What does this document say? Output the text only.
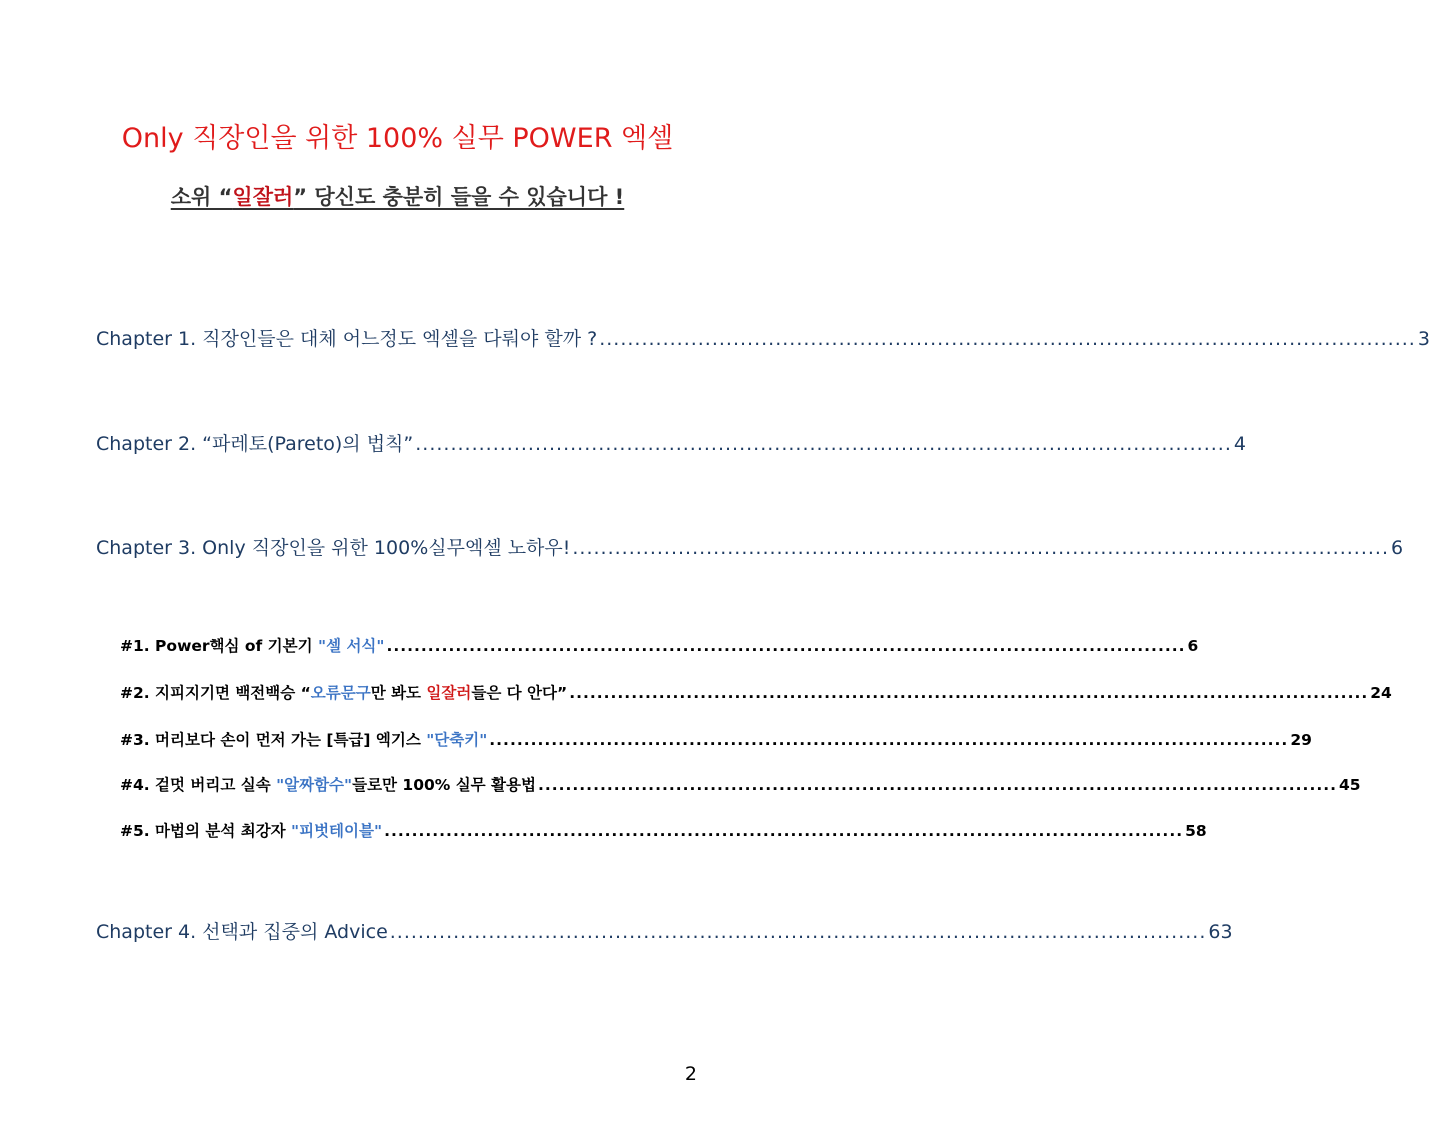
Only 직장인을 위한 100% 실무 POWER 엑셀
소위 “일잘러” 당신도 충분히 들을 수 있습니다 !
Chapter 1. 직장인들은 대체 어느정도 엑셀을 다뤄야 할까 ? .................................................................................................................... 3
Chapter 2. “파레토(Pareto)의 법칙” .................................................................................................................... 4
Chapter 3. Only 직장인을 위한 100%실무엑셀 노하우! .................................................................................................................... 6
#1. Power핵심 of 기본기 "셀 서식" .................................................................................................................... 6
#2. 지피지기면 백전백승 “오류문구만 봐도 일잘러들은 다 안다” .................................................................................................................... 24
#3. 머리보다 손이 먼저 가는 [특급] 엑기스 "단축키" .................................................................................................................... 29
#4. 겉멋 버리고 실속 "알짜함수"들로만 100% 실무 활용법 .................................................................................................................... 45
#5. 마법의 분석 최강자 "피벗테이블" .................................................................................................................... 58
Chapter 4. 선택과 집중의 Advice .................................................................................................................... 63
2
